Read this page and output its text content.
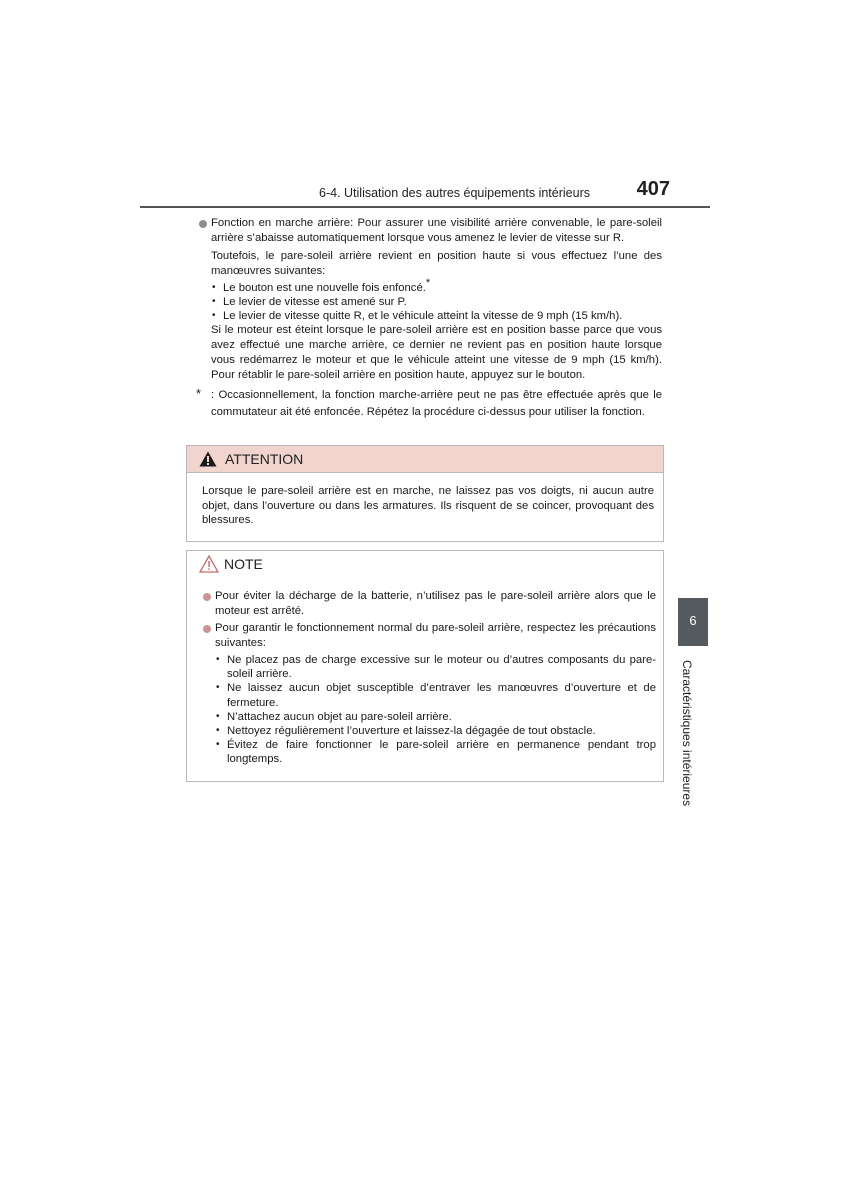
6-4. Utilisation des autres équipements intérieurs	407

Fonction en marche arrière: Pour assurer une visibilité arrière convenable, le pare-soleil arrière s’abaisse automatiquement lorsque vous amenez le levier de vitesse sur R.

Toutefois, le pare-soleil arrière revient en position haute si vous effectuez l’une des manœuvres suivantes:

• Le bouton est une nouvelle fois enfoncé.*
• Le levier de vitesse est amené sur P.
• Le levier de vitesse quitte R, et le véhicule atteint la vitesse de 9 mph (15 km/h).

Si le moteur est éteint lorsque le pare-soleil arrière est en position basse parce que vous avez effectué une marche arrière, ce dernier ne revient pas en position haute lorsque vous redémarrez le moteur et que le véhicule atteint une vitesse de 9 mph (15 km/h). Pour rétablir le pare-soleil arrière en position haute, appuyez sur le bouton.

* : Occasionnellement, la fonction marche-arrière peut ne pas être effectuée après que le commutateur ait été enfoncée. Répétez la procédure ci-dessus pour utiliser la fonction.

ATTENTION
Lorsque le pare-soleil arrière est en marche, ne laissez pas vos doigts, ni aucun autre objet, dans l’ouverture ou dans les armatures. Ils risquent de se coincer, provoquant des blessures.
NOTE

Pour éviter la décharge de la batterie, n’utilisez pas le pare-soleil arrière alors que le moteur est arrêté.

Pour garantir le fonctionnement normal du pare-soleil arrière, respectez les précautions suivantes:

• Ne placez pas de charge excessive sur le moteur ou d’autres composants du pare-soleil arrière.
• Ne laissez aucun objet susceptible d’entraver les manœuvres d’ouverture et de fermeture.
• N’attachez aucun objet au pare-soleil arrière.
• Nettoyez régulièrement l’ouverture et laissez-la dégagée de tout obstacle.
• Évitez de faire fonctionner le pare-soleil arrière en permanence pendant trop longtemps.
6
Caractéristiques intérieures
